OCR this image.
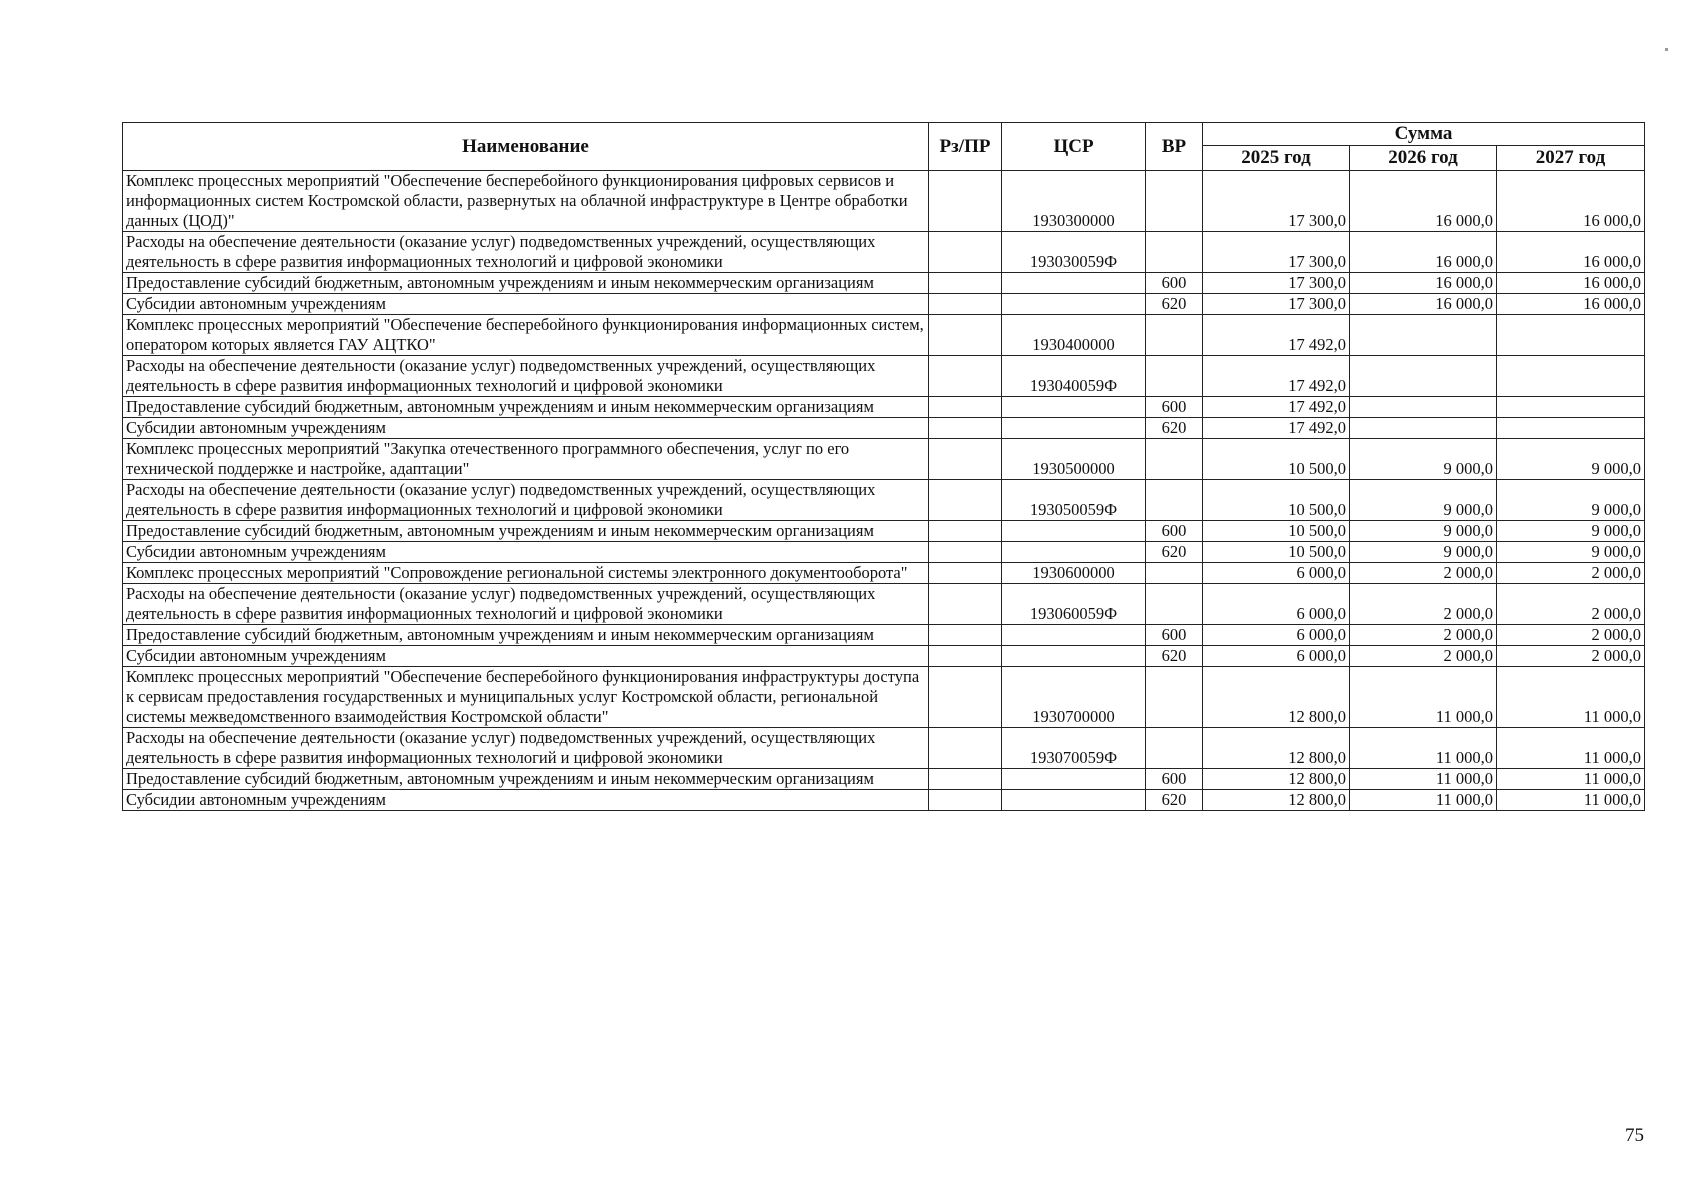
Наименование	Рз/ПР	ЦСР	ВР	Сумма		
				2025 год	2026 год	2027 год
Комплекс процессных мероприятий "Обеспечение бесперебойного функционирования цифровых сервисов и информационных систем Костромской области, развернутых на облачной инфраструктуре в Центре обработки данных (ЦОД)"		1930300000		17 300,0	16 000,0	16 000,0
Расходы на обеспечение деятельности (оказание услуг) подведомственных учреждений, осуществляющих деятельность в сфере развития информационных технологий и цифровой экономики		193030059Ф		17 300,0	16 000,0	16 000,0
Предоставление субсидий бюджетным, автономным учреждениям и иным некоммерческим организациям			600	17 300,0	16 000,0	16 000,0
Субсидии автономным учреждениям			620	17 300,0	16 000,0	16 000,0
Комплекс процессных мероприятий "Обеспечение бесперебойного функционирования информационных систем, оператором которых является ГАУ АЦТКО"		1930400000		17 492,0		
Расходы на обеспечение деятельности (оказание услуг) подведомственных учреждений, осуществляющих деятельность в сфере развития информационных технологий и цифровой экономики		193040059Ф		17 492,0		
Предоставление субсидий бюджетным, автономным учреждениям и иным некоммерческим организациям			600	17 492,0		
Субсидии автономным учреждениям			620	17 492,0		
Комплекс процессных мероприятий "Закупка отечественного программного обеспечения, услуг по его технической поддержке и настройке, адаптации"		1930500000		10 500,0	9 000,0	9 000,0
Расходы на обеспечение деятельности (оказание услуг) подведомственных учреждений, осуществляющих деятельность в сфере развития информационных технологий и цифровой экономики		193050059Ф		10 500,0	9 000,0	9 000,0
Предоставление субсидий бюджетным, автономным учреждениям и иным некоммерческим организациям			600	10 500,0	9 000,0	9 000,0
Субсидии автономным учреждениям			620	10 500,0	9 000,0	9 000,0
Комплекс процессных мероприятий "Сопровождение региональной системы электронного документооборота"		1930600000		6 000,0	2 000,0	2 000,0
Расходы на обеспечение деятельности (оказание услуг) подведомственных учреждений, осуществляющих деятельность в сфере развития информационных технологий и цифровой экономики		193060059Ф		6 000,0	2 000,0	2 000,0
Предоставление субсидий бюджетным, автономным учреждениям и иным некоммерческим организациям			600	6 000,0	2 000,0	2 000,0
Субсидии автономным учреждениям			620	6 000,0	2 000,0	2 000,0
Комплекс процессных мероприятий "Обеспечение бесперебойного функционирования инфраструктуры доступа к сервисам предоставления государственных и муниципальных услуг Костромской области, региональной системы межведомственного взаимодействия Костромской области"		1930700000		12 800,0	11 000,0	11 000,0
Расходы на обеспечение деятельности (оказание услуг) подведомственных учреждений, осуществляющих деятельность в сфере развития информационных технологий и цифровой экономики		193070059Ф		12 800,0	11 000,0	11 000,0
Предоставление субсидий бюджетным, автономным учреждениям и иным некоммерческим организациям			600	12 800,0	11 000,0	11 000,0
Субсидии автономным учреждениям			620	12 800,0	11 000,0	11 000,0
75
